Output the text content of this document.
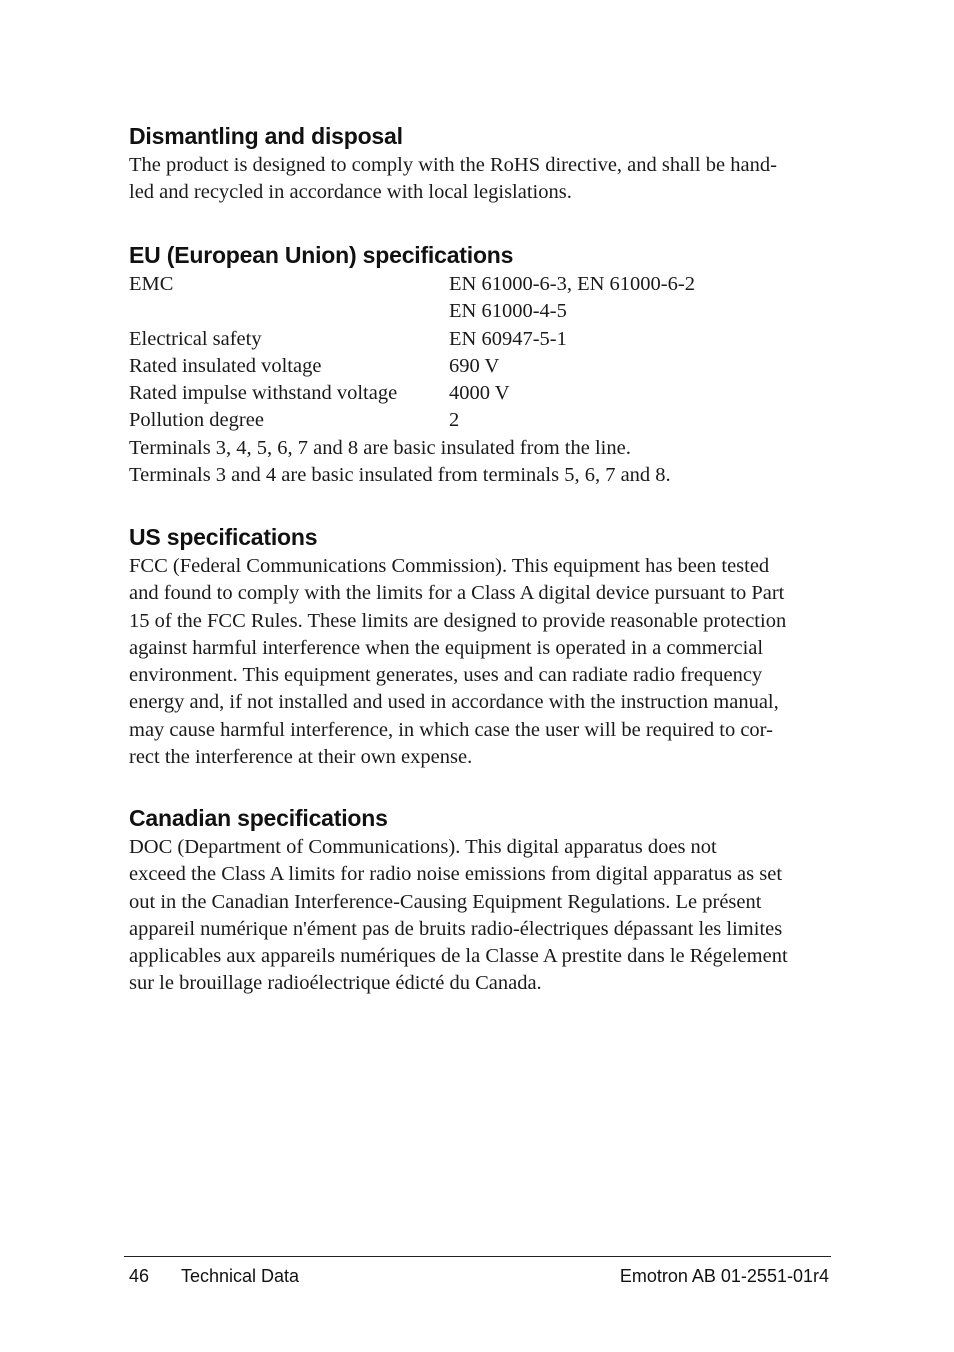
Dismantling and disposal

The product is designed to comply with the RoHS directive, and shall be hand-

led and recycled in accordance with local legislations.

EU (European Union) specifications
EMC	EN 61000-6-3, EN 61000-6-2
	EN 61000-4-5
Electrical safety	EN 60947-5-1
Rated insulated voltage	690 V
Rated impulse withstand voltage	4000 V
Pollution degree	2

Terminals 3, 4, 5, 6, 7 and 8 are basic insulated from the line.

Terminals 3 and 4 are basic insulated from terminals 5, 6, 7 and 8.

US specifications

FCC (Federal Communications Commission). This equipment has been tested

and found to comply with the limits for a Class A digital device pursuant to Part

15 of the FCC Rules. These limits are designed to provide reasonable protection

against harmful interference when the equipment is operated in a commercial

environment. This equipment generates, uses and can radiate radio frequency

energy and, if not installed and used in accordance with the instruction manual,

may cause harmful interference, in which case the user will be required to cor-

rect the interference at their own expense.

Canadian specifications

DOC (Department of Communications). This digital apparatus does not

exceed the Class A limits for radio noise emissions from digital apparatus as set

out in the Canadian Interference-Causing Equipment Regulations. Le présent

appareil numérique n'ément pas de bruits radio-électriques dépassant les limites

applicables aux appareils numériques de la Classe A prestite dans le Régelement

sur le brouillage radioélectrique édicté du Canada.

46 Technical Data	Emotron AB 01-2551-01r4
